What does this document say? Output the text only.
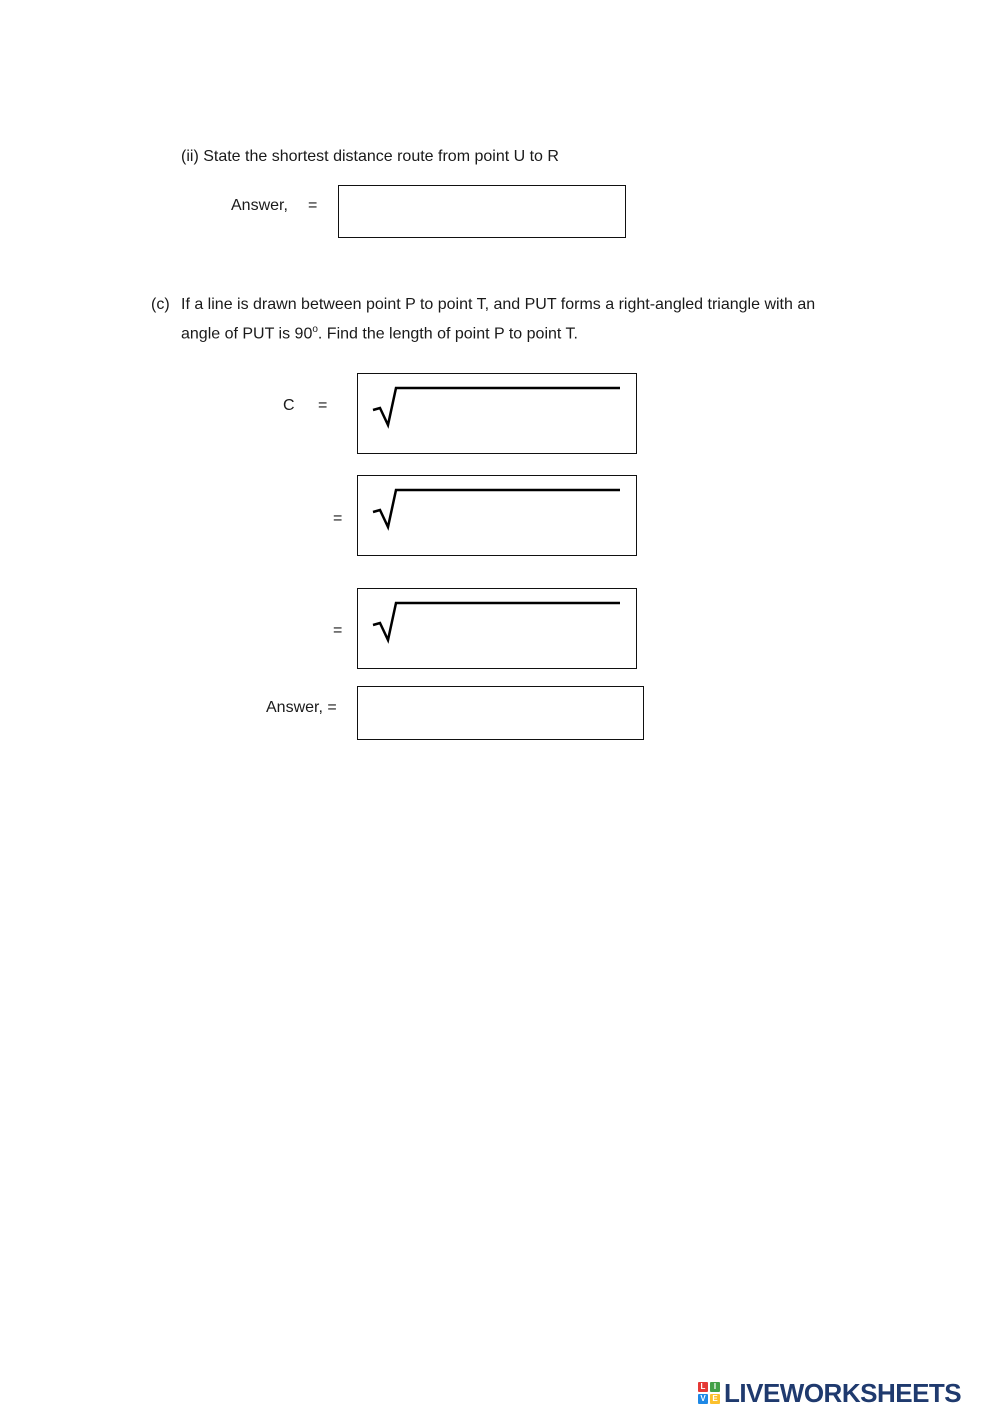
(ii) State the shortest distance route from point U to R
Answer, =
(c) If a line is drawn between point P to point T, and PUT forms a right-angled triangle with an
angle of PUT is 90$^o$. Find the length of point P to point T.
C =
=
=
Answer, =
L	I
V E LIVEWORKSHEETS
